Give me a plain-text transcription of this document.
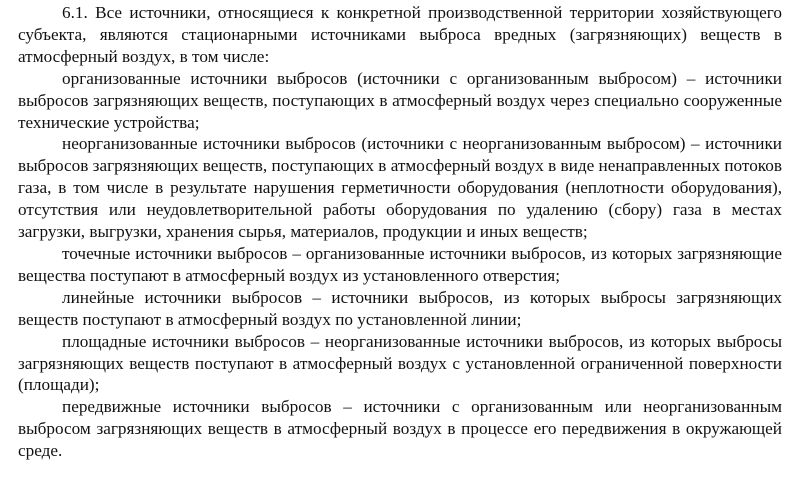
6.1. Все источники, относящиеся к конкретной производственной территории хозяйствующего субъекта, являются стационарными источниками выброса вредных (загрязняющих) веществ в атмосферный воздух, в том числе:

организованные источники выбросов (источники с организованным выбросом) – источники выбросов загрязняющих веществ, поступающих в атмосферный воздух через специально сооруженные технические устройства;

неорганизованные источники выбросов (источники с неорганизованным выбросом) – источники выбросов загрязняющих веществ, поступающих в атмосферный воздух в виде ненаправленных потоков газа, в том числе в результате нарушения герметичности оборудования (неплотности оборудования), отсутствия или неудовлетворительной работы оборудования по удалению (сбору) газа в местах загрузки, выгрузки, хранения сырья, материалов, продукции и иных веществ;

точечные источники выбросов – организованные источники выбросов, из которых загрязняющие вещества поступают в атмосферный воздух из установленного отверстия;

линейные источники выбросов – источники выбросов, из которых выбросы загрязняющих веществ поступают в атмосферный воздух по установленной линии;

площадные источники выбросов – неорганизованные источники выбросов, из которых выбросы загрязняющих веществ поступают в атмосферный воздух с установленной ограниченной поверхности (площади);

передвижные источники выбросов – источники с организованным или неорганизованным выбросом загрязняющих веществ в атмосферный воздух в процессе его передвижения в окружающей среде.
